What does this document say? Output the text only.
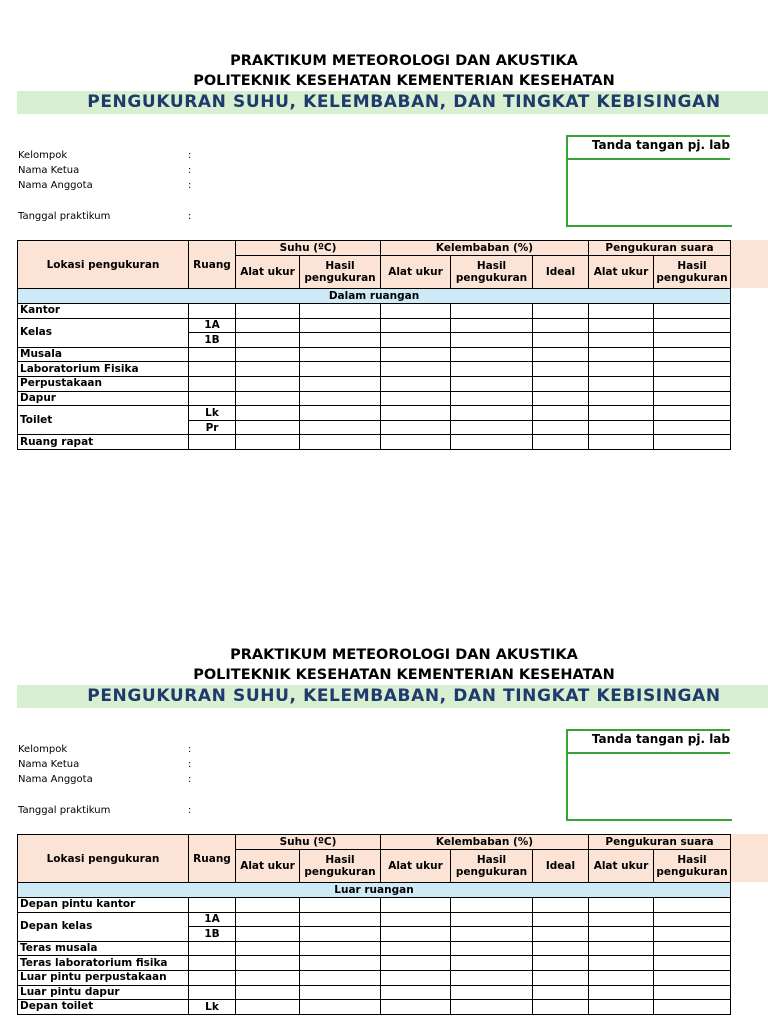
PRAKTIKUM METEOROLOGI DAN AKUSTIKA
POLITEKNIK KESEHATAN KEMENTERIAN KESEHATAN
PENGUKURAN SUHU, KELEMBABAN, DAN TINGKAT KEBISINGAN
Kelompok	:
Nama Ketua	:
Nama Anggota	:
Tanggal praktikum	:
Tanda tangan pj. lab
Lokasi pengukuran	Ruang	Suhu (ºC)		Kelembaban (%)			Pengukuran suara	
		Alat ukur	Hasil pengukuran	Alat ukur	Hasil pengukuran	Ideal	Alat ukur	Hasil pengukuran
Dalam ruangan								
Kantor								
Kelas	1A							
	1B							
Musala								
Laboratorium Fisika								
Perpustakaan								
Dapur								
Toilet	Lk							
	Pr							
Ruang rapat								
PRAKTIKUM METEOROLOGI DAN AKUSTIKA
POLITEKNIK KESEHATAN KEMENTERIAN KESEHATAN
PENGUKURAN SUHU, KELEMBABAN, DAN TINGKAT KEBISINGAN
Kelompok	:
Nama Ketua	:
Nama Anggota	:
Tanggal praktikum	:
Tanda tangan pj. lab
Lokasi pengukuran	Ruang	Suhu (ºC)		Kelembaban (%)			Pengukuran suara	
		Alat ukur	Hasil pengukuran	Alat ukur	Hasil pengukuran	Ideal	Alat ukur	Hasil pengukuran
Luar ruangan								
Depan pintu kantor								
Depan kelas	1A							
	1B							
Teras musala								
Teras laboratorium fisika								
Luar pintu perpustakaan								
Luar pintu dapur								
Depan toilet	Lk							
